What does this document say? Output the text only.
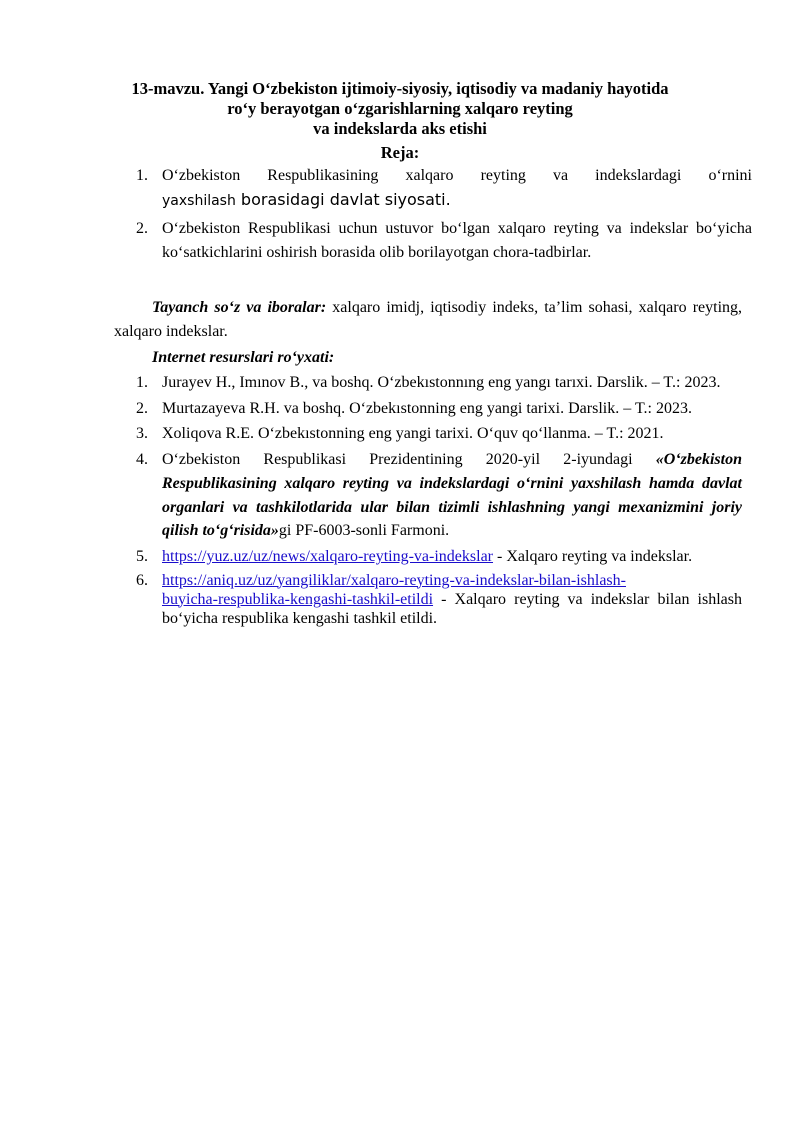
13-mavzu. Yangi O‘zbekiston ijtimoiy-siyosiy, iqtisodiy va madaniy hayotida
ro‘y berayotgan o‘zgarishlarning xalqaro reyting
va indekslarda aks etishi
Reja:
1. O‘zbekiston Respublikasining xalqaro reyting va indekslardagi o‘rnini
yaxshilash borasidagi davlat siyosati.
2. O‘zbekiston Respublikasi uchun ustuvor bo‘lgan xalqaro reyting va indekslar bo‘yicha ko‘satkichlarini oshirish borasida olib borilayotgan chora-tadbirlar.
Tayanch so‘z va iboralar: xalqaro imidj, iqtisodiy indeks, ta’lim sohasi, xalqaro reyting, xalqaro indekslar.
Internet resurslari ro‘yxati:
1. Jurayev H., Imınov B., va boshq. O‘zbekıstonnıng eng yangı tarıxi. Darslik. – T.: 2023.
2. Murtazayeva R.H. va boshq. O‘zbekıstonning eng yangi tarixi. Darslik. – T.: 2023.
3. Xoliqova R.E. O‘zbekıstonning eng yangi tarixi. O‘quv qo‘llanma. – T.: 2021.
4. O‘zbekiston Respublikasi Prezidentining 2020-yil 2-iyundagi «O‘zbekiston Respublikasining xalqaro reyting va indekslardagi o‘rnini yaxshilash hamda davlat organlari va tashkilotlarida ular bilan tizimli ishlashning yangi mexanizmini joriy qilish to‘g‘risida»gi PF-6003-sonli Farmoni.
5. https://yuz.uz/uz/news/xalqaro-reyting-va-indekslar - Xalqaro reyting va indekslar.
6. https://aniq.uz/uz/yangiliklar/xalqaro-reyting-va-indekslar-bilan-ishlash-
buyicha-respublika-kengashi-tashkil-etildi - Xalqaro reyting va indekslar bilan ishlash bo‘yicha respublika kengashi tashkil etildi.
